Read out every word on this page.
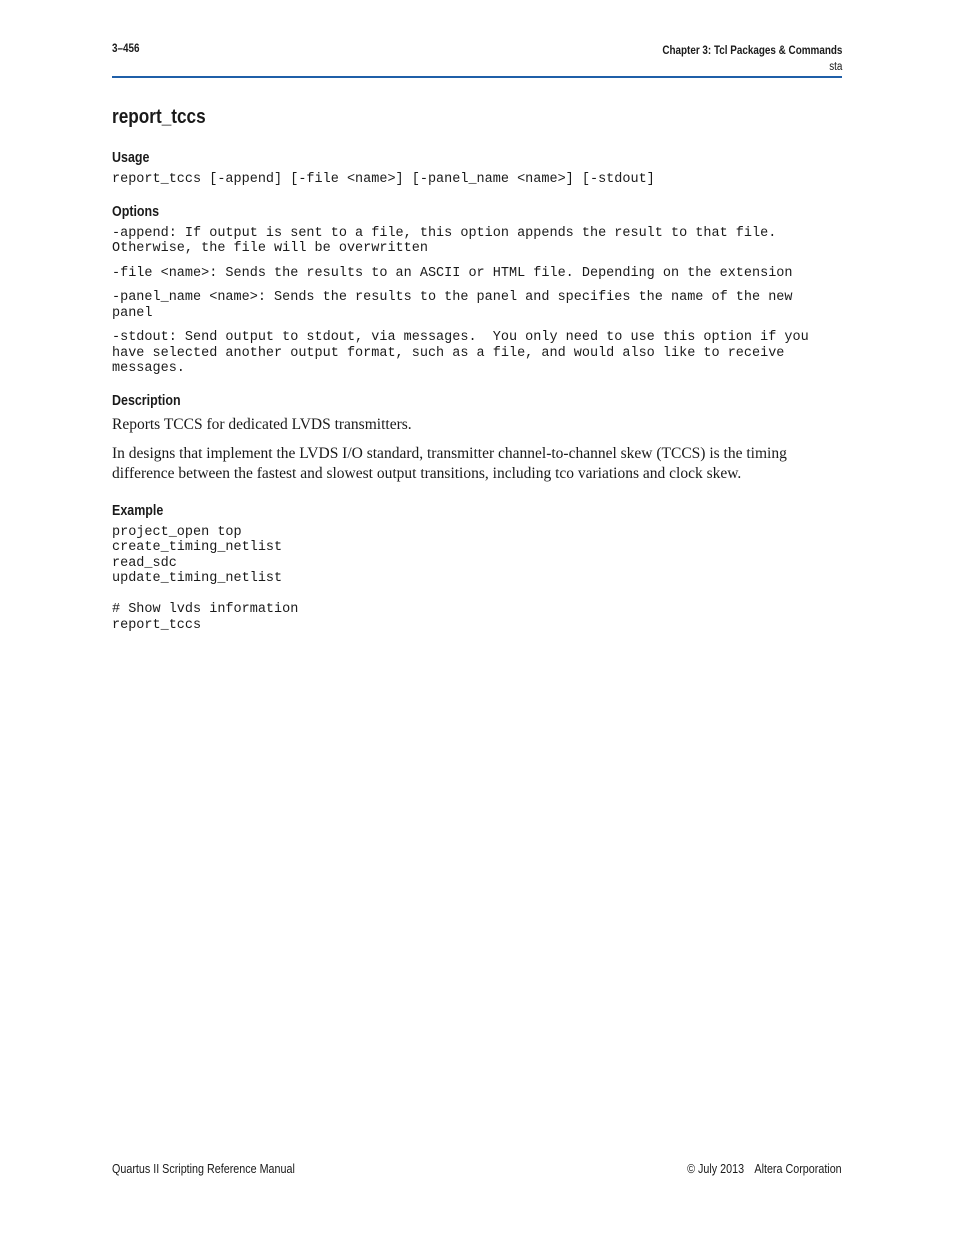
3–456	Chapter 3: Tcl Packages & Commands
sta
report_tccs
Usage
report_tccs [-append] [-file <name>] [-panel_name <name>] [-stdout]
Options
-append: If output is sent to a file, this option appends the result to that file.
Otherwise, the file will be overwritten
-file <name>: Sends the results to an ASCII or HTML file. Depending on the extension
-panel_name <name>: Sends the results to the panel and specifies the name of the new
panel
-stdout: Send output to stdout, via messages.  You only need to use this option if you
have selected another output format, such as a file, and would also like to receive
messages.
Description

Reports TCCS for dedicated LVDS transmitters.

In designs that implement the LVDS I/O standard, transmitter channel-to-channel skew (TCCS) is the timing difference between the fastest and slowest output transitions, including tco variations and clock skew.

Example
project_open top
create_timing_netlist
read_sdc
update_timing_netlist

# Show lvds information
report_tccs
Quartus II Scripting Reference Manual	© July 2013 Altera Corporation
